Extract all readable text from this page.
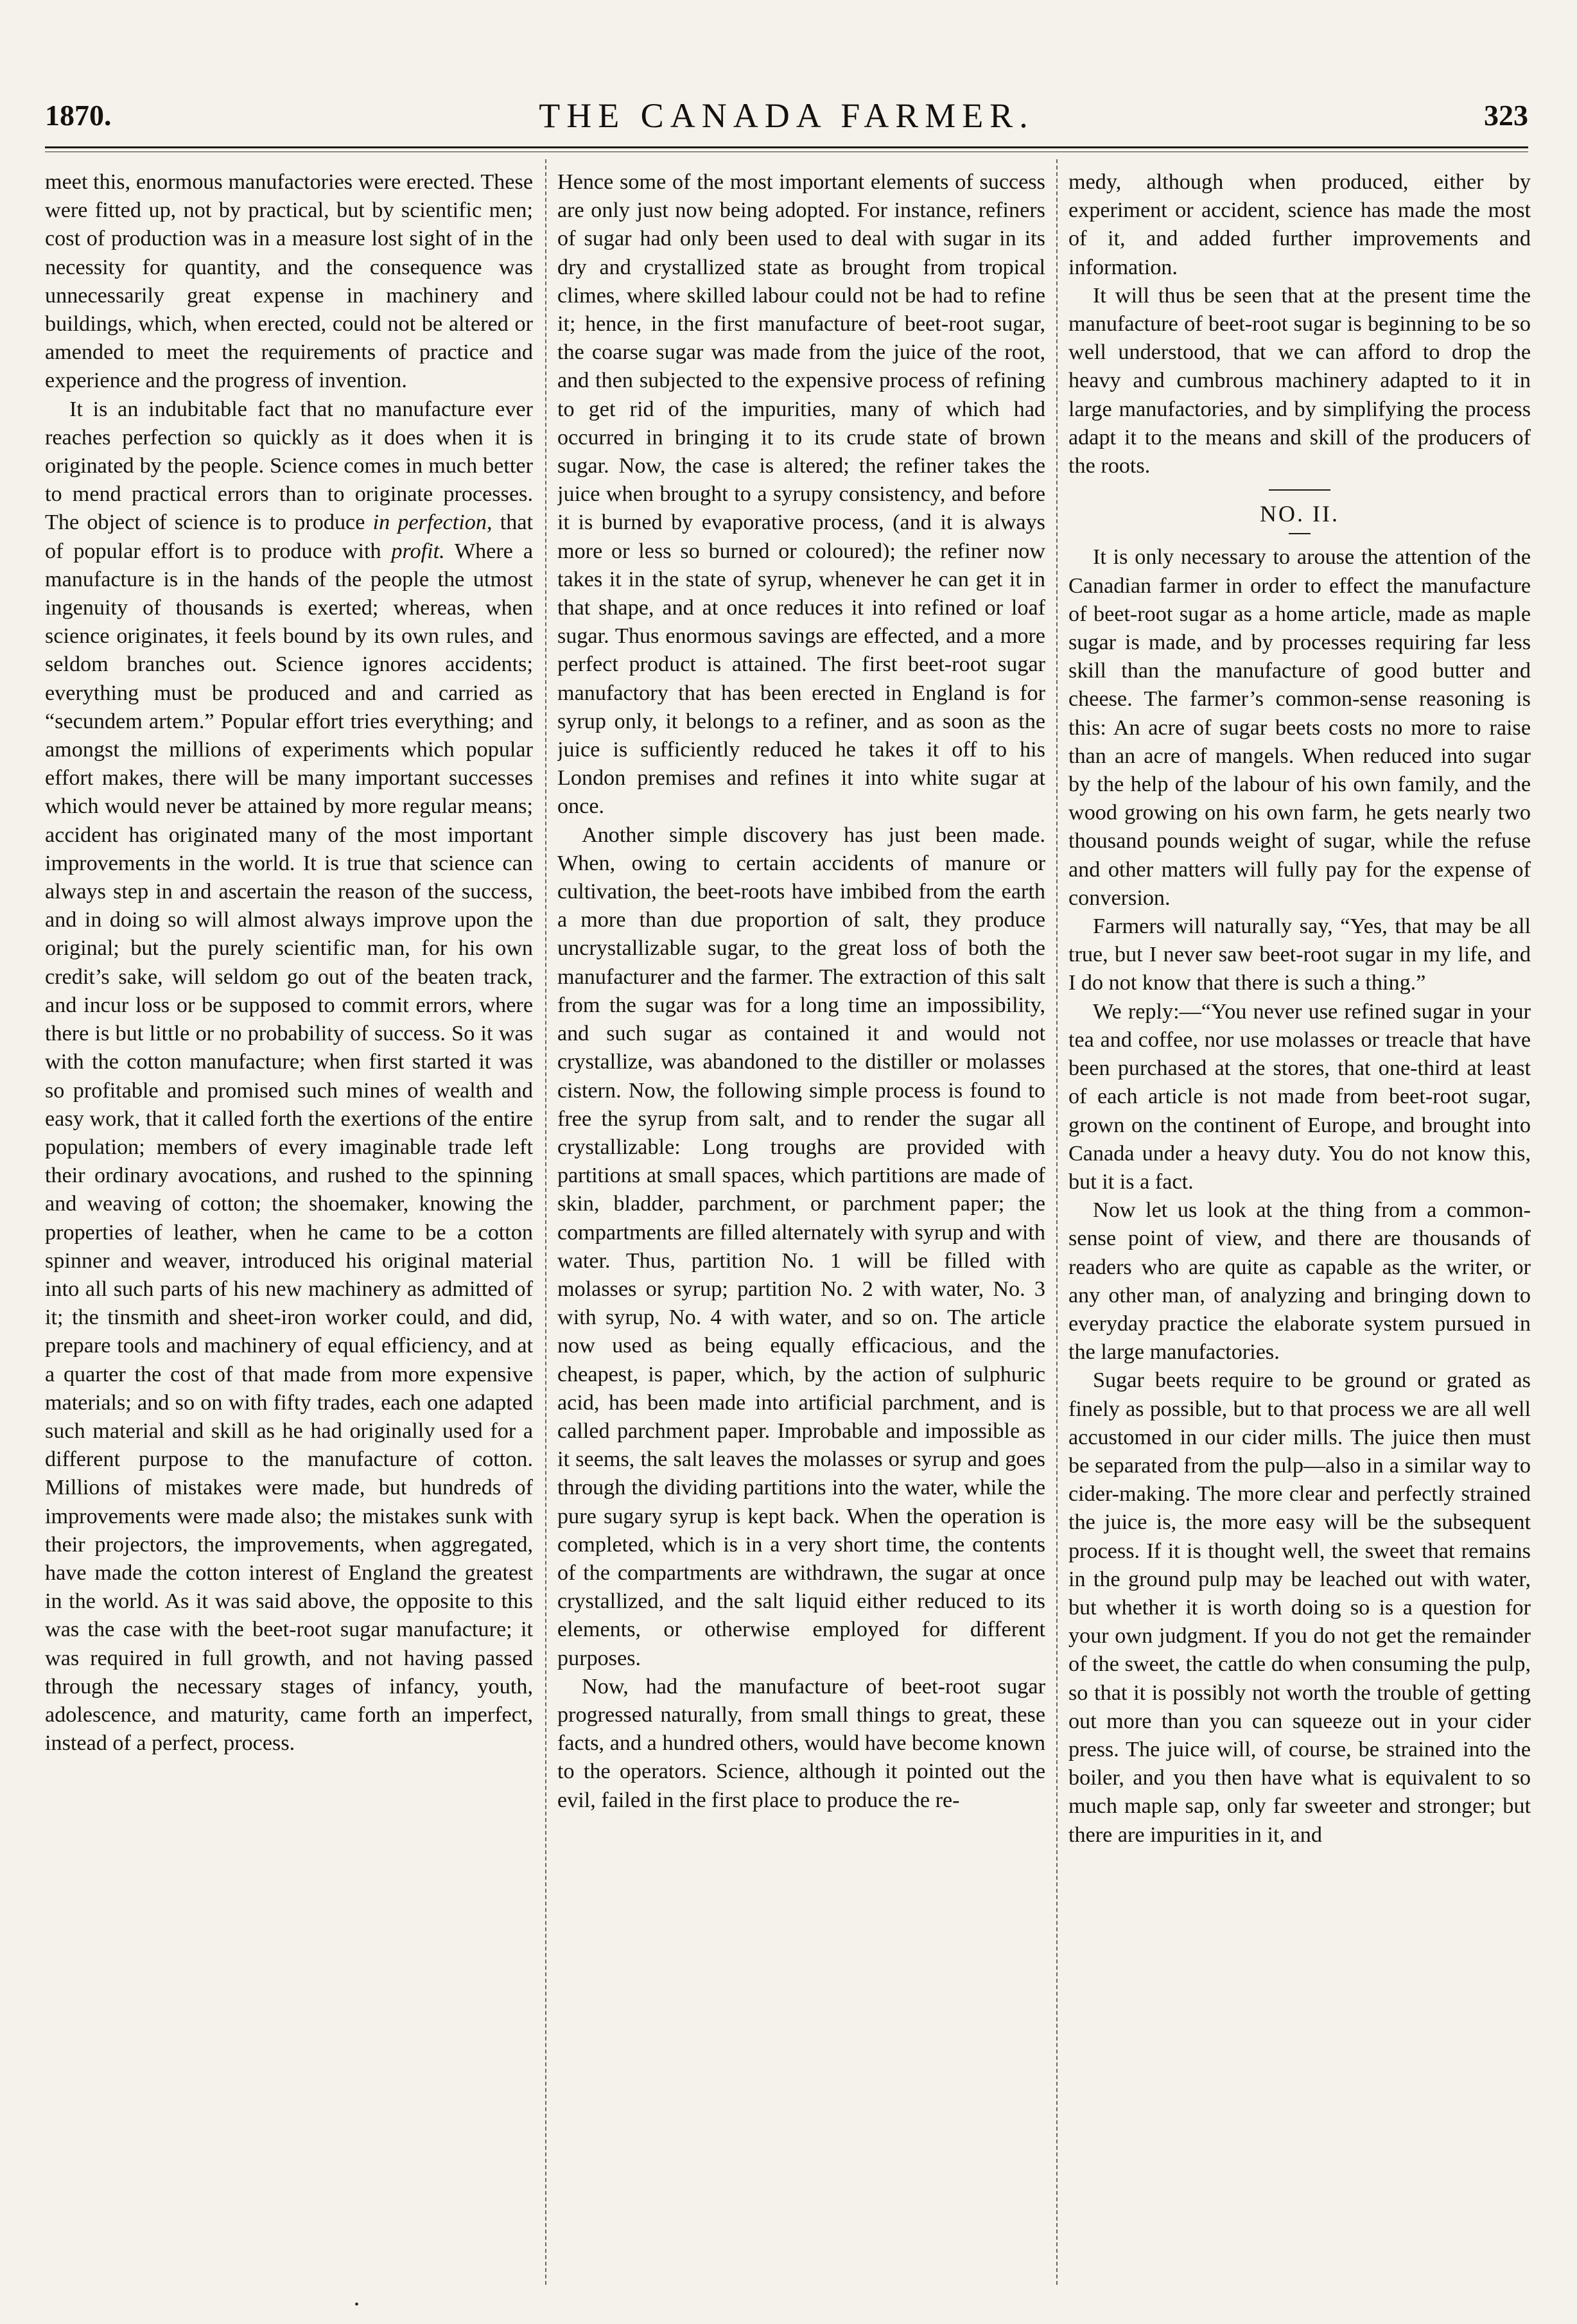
1870.	THE CANADA FARMER.	323

meet this, enormous manufactories were erected. These were fitted up, not by practical, but by scientific men; cost of production was in a measure lost sight of in the necessity for quantity, and the consequence was unnecessarily great expense in machinery and buildings, which, when erected, could not be altered or amended to meet the requirements of practice and experience and the progress of invention.

It is an indubitable fact that no manufacture ever reaches perfection so quickly as it does when it is originated by the people. Science comes in much better to mend practical errors than to originate processes. The object of science is to produce in perfection, that of popular effort is to produce with profit. Where a manufacture is in the hands of the people the utmost ingenuity of thousands is exerted; whereas, when science originates, it feels bound by its own rules, and seldom branches out. Science ignores accidents; everything must be produced and and carried as “secundem artem.” Popular effort tries everything; and amongst the millions of experiments which popular effort makes, there will be many important successes which would never be attained by more regular means; accident has originated many of the most important improvements in the world. It is true that science can always step in and ascertain the reason of the success, and in doing so will almost always improve upon the original; but the purely scientific man, for his own credit’s sake, will seldom go out of the beaten track, and incur loss or be supposed to commit errors, where there is but little or no probability of success. So it was with the cotton manufacture; when first started it was so profitable and promised such mines of wealth and easy work, that it called forth the exertions of the entire population; members of every imaginable trade left their ordinary avocations, and rushed to the spinning and weaving of cotton; the shoemaker, knowing the properties of leather, when he came to be a cotton spinner and weaver, introduced his original material into all such parts of his new machinery as admitted of it; the tinsmith and sheet-iron worker could, and did, prepare tools and machinery of equal efficiency, and at a quarter the cost of that made from more expensive materials; and so on with fifty trades, each one adapted such material and skill as he had originally used for a different purpose to the manufacture of cotton. Millions of mistakes were made, but hundreds of improvements were made also; the mistakes sunk with their projectors, the improvements, when aggregated, have made the cotton interest of England the greatest in the world. As it was said above, the opposite to this was the case with the beet-root sugar manufacture; it was required in full growth, and not having passed through the necessary stages of infancy, youth, adolescence, and maturity, came forth an imperfect, instead of a perfect, process.

Hence some of the most important elements of success are only just now being adopted. For instance, refiners of sugar had only been used to deal with sugar in its dry and crystallized state as brought from tropical climes, where skilled labour could not be had to refine it; hence, in the first manufacture of beet-root sugar, the coarse sugar was made from the juice of the root, and then subjected to the expensive process of refining to get rid of the impurities, many of which had occurred in bringing it to its crude state of brown sugar. Now, the case is altered; the refiner takes the juice when brought to a syrupy consistency, and before it is burned by evaporative process, (and it is always more or less so burned or coloured); the refiner now takes it in the state of syrup, whenever he can get it in that shape, and at once reduces it into refined or loaf sugar. Thus enormous savings are effected, and a more perfect product is attained. The first beet-root sugar manufactory that has been erected in England is for syrup only, it belongs to a refiner, and as soon as the juice is sufficiently reduced he takes it off to his London premises and refines it into white sugar at once.

Another simple discovery has just been made. When, owing to certain accidents of manure or cultivation, the beet-roots have imbibed from the earth a more than due proportion of salt, they produce uncrystallizable sugar, to the great loss of both the manufacturer and the farmer. The extraction of this salt from the sugar was for a long time an impossibility, and such sugar as contained it and would not crystallize, was abandoned to the distiller or molasses cistern. Now, the following simple process is found to free the syrup from salt, and to render the sugar all crystallizable: Long troughs are provided with partitions at small spaces, which partitions are made of skin, bladder, parchment, or parchment paper; the compartments are filled alternately with syrup and with water. Thus, partition No. 1 will be filled with molasses or syrup; partition No. 2 with water, No. 3 with syrup, No. 4 with water, and so on. The article now used as being equally efficacious, and the cheapest, is paper, which, by the action of sulphuric acid, has been made into artificial parchment, and is called parchment paper. Improbable and impossible as it seems, the salt leaves the molasses or syrup and goes through the dividing partitions into the water, while the pure sugary syrup is kept back. When the operation is completed, which is in a very short time, the contents of the compartments are withdrawn, the sugar at once crystallized, and the salt liquid either reduced to its elements, or otherwise employed for different purposes.

Now, had the manufacture of beet-root sugar progressed naturally, from small things to great, these facts, and a hundred others, would have become known to the operators. Science, although it pointed out the evil, failed in the first place to produce the re-

medy, although when produced, either by experiment or accident, science has made the most of it, and added further improvements and information.

It will thus be seen that at the present time the manufacture of beet-root sugar is beginning to be so well understood, that we can afford to drop the heavy and cumbrous machinery adapted to it in large manufactories, and by simplifying the process adapt it to the means and skill of the producers of the roots.

NO. II.

It is only necessary to arouse the attention of the Canadian farmer in order to effect the manufacture of beet-root sugar as a home article, made as maple sugar is made, and by processes requiring far less skill than the manufacture of good butter and cheese. The farmer’s common-sense reasoning is this: An acre of sugar beets costs no more to raise than an acre of mangels. When reduced into sugar by the help of the labour of his own family, and the wood growing on his own farm, he gets nearly two thousand pounds weight of sugar, while the refuse and other matters will fully pay for the expense of conversion.

Farmers will naturally say, “Yes, that may be all true, but I never saw beet-root sugar in my life, and I do not know that there is such a thing.”

We reply:—“You never use refined sugar in your tea and coffee, nor use molasses or treacle that have been purchased at the stores, that one-third at least of each article is not made from beet-root sugar, grown on the continent of Europe, and brought into Canada under a heavy duty. You do not know this, but it is a fact.

Now let us look at the thing from a common-sense point of view, and there are thousands of readers who are quite as capable as the writer, or any other man, of analyzing and bringing down to everyday practice the elaborate system pursued in the large manufactories.

Sugar beets require to be ground or grated as finely as possible, but to that process we are all well accustomed in our cider mills. The juice then must be separated from the pulp—also in a similar way to cider-making. The more clear and perfectly strained the juice is, the more easy will be the subsequent process. If it is thought well, the sweet that remains in the ground pulp may be leached out with water, but whether it is worth doing so is a question for your own judgment. If you do not get the remainder of the sweet, the cattle do when consuming the pulp, so that it is possibly not worth the trouble of getting out more than you can squeeze out in your cider press. The juice will, of course, be strained into the boiler, and you then have what is equivalent to so much maple sap, only far sweeter and stronger; but there are impurities in it, and

•
